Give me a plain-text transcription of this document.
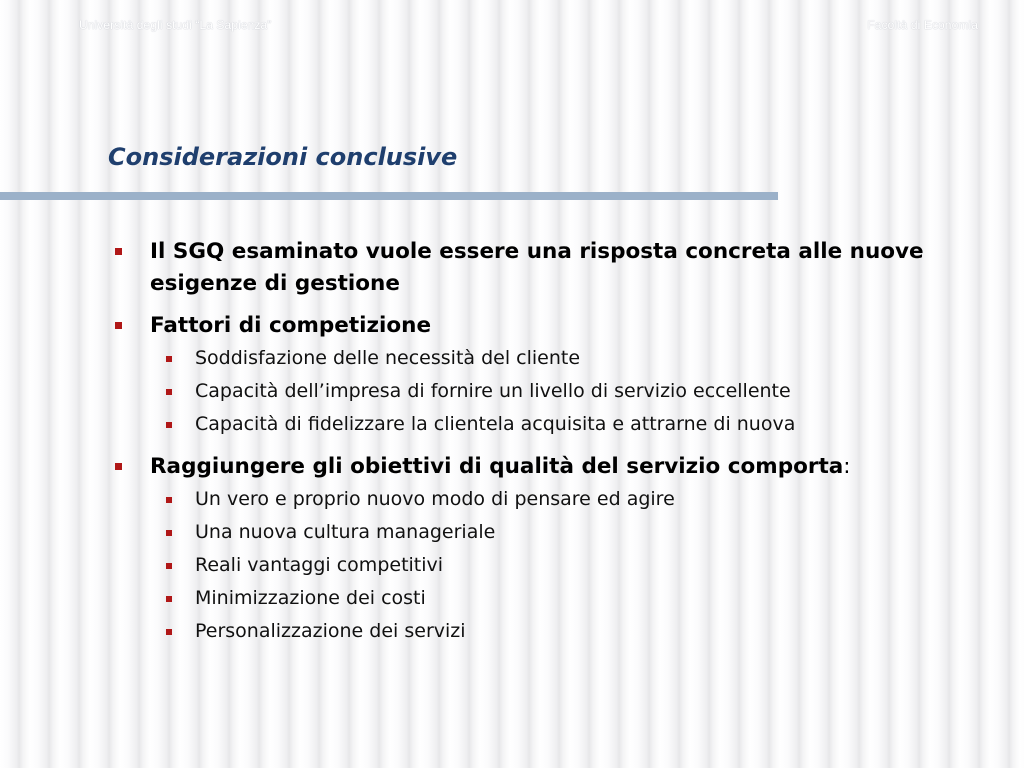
Università degli studi “La Sapienza”	Facoltà di Economia
Considerazioni conclusive
Il SGQ esaminato vuole essere una risposta concreta alle nuove esigenze di gestione
Fattori di competizione
Soddisfazione delle necessità del cliente
Capacità dell’impresa di fornire un livello di servizio eccellente
Capacità di fidelizzare la clientela acquisita e attrarne di nuova
Raggiungere gli obiettivi di qualità del servizio comporta:
Un vero e proprio nuovo modo di pensare ed agire
Una nuova cultura manageriale
Reali vantaggi competitivi
Minimizzazione dei costi
Personalizzazione dei servizi
